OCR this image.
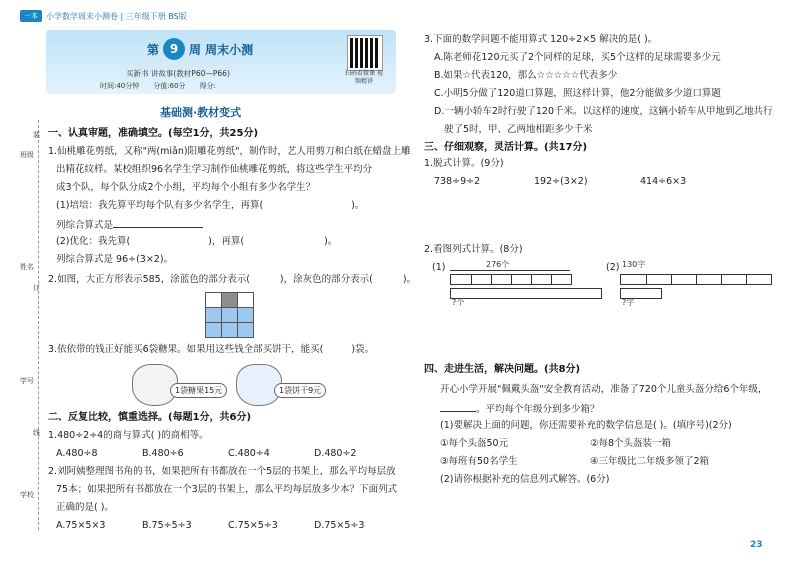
一本	小学数学周末小测卷 | 三年级下册 BS版
第 9 周 周末小测
买新书 讲故事(教材P60—P66)
时间:40分钟 分值:60分 得分:
扫码看微课 视频精讲
基础测·教材变式
班级
姓名
学号
学校
装
订
线
一、认真审题，准确填空。(每空1分，共25分)
1.仙桃雕花剪纸，又称"两(miǎn)阳雕花剪纸"，制作时，艺人用剪刀和白纸在蜡盘上雕
出精花纹样。某校组织96名学生学习制作仙桃雕花剪纸，将这些学生平均分
成3个队，每个队分成2个小组，平均每个小组有多少名学生？
(1)培培：我先算平均每个队有多少名学生，再算(	)。
列综合算式是
(2)优化：我先算(	)，再算(	)。
列综合算式是 96÷(3×2)。
2.如图，大正方形表示585，涂蓝色的部分表示(	)，涂灰色的部分表示(	)。
3.依依带的钱正好能买6袋糖果。如果用这些钱全部买饼干，能买(	)袋。
1袋糖果15元	1袋饼干9元
二、反复比较，慎重选择。(每题1分，共6分)
1.480÷2÷4的商与算式( )的商相等。
A.480÷8	B.480÷6	C.480÷4	D.480÷2
2.刘阿姨整理图书角的书，如果把所有书都放在一个5层的书架上，那么平均每层放
75本；如果把所有书都放在一个3层的书架上，那么平均每层放多少本？下面列式
正确的是( )。
A.75×5×3	B.75÷5÷3	C.75×5÷3	D.75×5÷3
3.下面的数学问题不能用算式 120÷2×5 解决的是( )。
A.陈老师花120元买了2个同样的足球，买5个这样的足球需要多少元
B.如果☆代表120，那么☆☆☆☆☆代表多少
C.小明5分做了120道口算题，照这样计算，他2分能做多少道口算题
D.一辆小轿车2时行驶了120千米。以这样的速度，这辆小轿车从甲地到乙地共行
驶了5时，甲、乙两地相距多少千米
三、仔细观察，灵活计算。(共17分)
1.脱式计算。(9分)
738÷9÷2	192÷(3×2)	414÷6×3
2.看图列式计算。(8分)
(1)	276个
?个
(2) 130字
?字
四、走进生活，解决问题。(共8分)
开心小学开展"佩戴头盔"安全教育活动，准备了720个儿童头盔分给6个年级，
。平均每个年级分到多少箱？
(1)要解决上面的问题，你还需要补充的数学信息是( )。(填序号)(2分)
①每个头盔50元	②每8个头盔装一箱
③每班有50名学生	④三年级比二年级多领了2箱
(2)请你根据补充的信息列式解答。(6分)
23
